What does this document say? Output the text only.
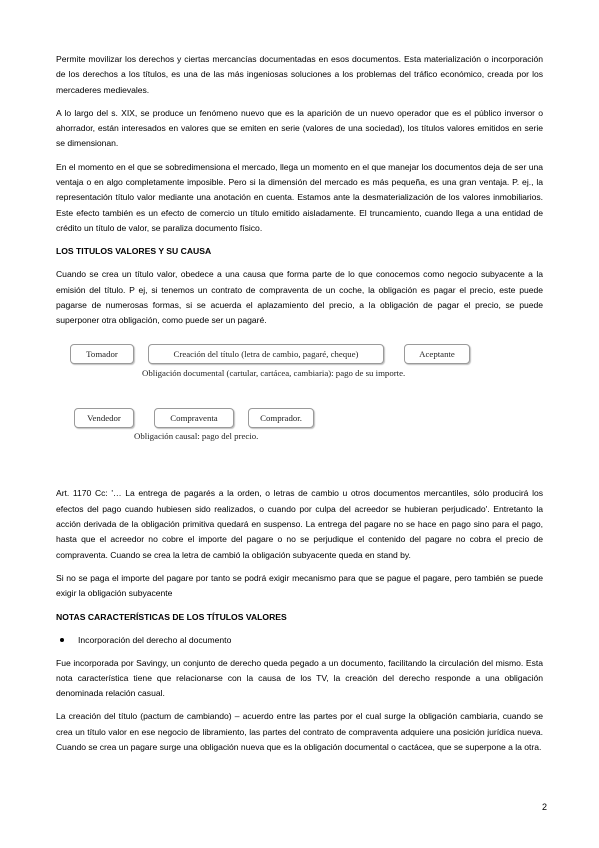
Permite movilizar los derechos y ciertas mercancías documentadas en esos documentos. Esta materialización o incorporación de los derechos a los títulos, es una de las más ingeniosas soluciones a los problemas del tráfico económico, creada por los mercaderes medievales.

A lo largo del s. XIX, se produce un fenómeno nuevo que es la aparición de un nuevo operador que es el público inversor o ahorrador, están interesados en valores que se emiten en serie (valores de una sociedad), los títulos valores emitidos en serie se dimensionan.

En el momento en el que se sobredimensiona el mercado, llega un momento en el que manejar los documentos deja de ser una ventaja o en algo completamente imposible. Pero si la dimensión del mercado es más pequeña, es una gran ventaja. P. ej., la representación título valor mediante una anotación en cuenta. Estamos ante la desmaterialización de los valores inmobiliarios. Este efecto también es un efecto de comercio un título emitido aisladamente. El truncamiento, cuando llega a una entidad de crédito un título de valor, se paraliza documento físico.

LOS TITULOS VALORES Y SU CAUSA

Cuando se crea un título valor, obedece a una causa que forma parte de lo que conocemos como negocio subyacente a la emisión del título. P ej, si tenemos un contrato de compraventa de un coche, la obligación es pagar el precio, este puede pagarse de numerosas formas, si se acuerda el aplazamiento del precio, a la obligación de pagar el precio, se puede superponer otra obligación, como puede ser un pagaré.

Tomador	Creación del título (letra de cambio, pagaré, cheque)	Aceptante
Obligación documental (cartular, cartácea, cambiaria): pago de su importe.
Vendedor	Compraventa	Comprador.
Obligación causal: pago del precio.

Art. 1170 Cc: '… La entrega de pagarés a la orden, o letras de cambio u otros documentos mercantiles, sólo producirá los efectos del pago cuando hubiesen sido realizados, o cuando por culpa del acreedor se hubieran perjudicado'. Entretanto la acción derivada de la obligación primitiva quedará en suspenso. La entrega del pagare no se hace en pago sino para el pago, hasta que el acreedor no cobre el importe del pagare o no se perjudique el contenido del pagare no cobra el precio de compraventa. Cuando se crea la letra de cambió la obligación subyacente queda en stand by.

Si no se paga el importe del pagare por tanto se podrá exigir mecanismo para que se pague el pagare, pero también se puede exigir la obligación subyacente

NOTAS CARACTERÍSTICAS DE LOS TÍTULOS VALORES

Incorporación del derecho al documento

Fue incorporada por Savingy, un conjunto de derecho queda pegado a un documento, facilitando la circulación del mismo. Esta nota característica tiene que relacionarse con la causa de los TV, la creación del derecho responde a una obligación denominada relación casual.

La creación del título (pactum de cambiando) – acuerdo entre las partes por el cual surge la obligación cambiaria, cuando se crea un título valor en ese negocio de libramiento, las partes del contrato de compraventa adquiere una posición jurídica nueva. Cuando se crea un pagare surge una obligación nueva que es la obligación documental o cactácea, que se superpone a la otra.

2
